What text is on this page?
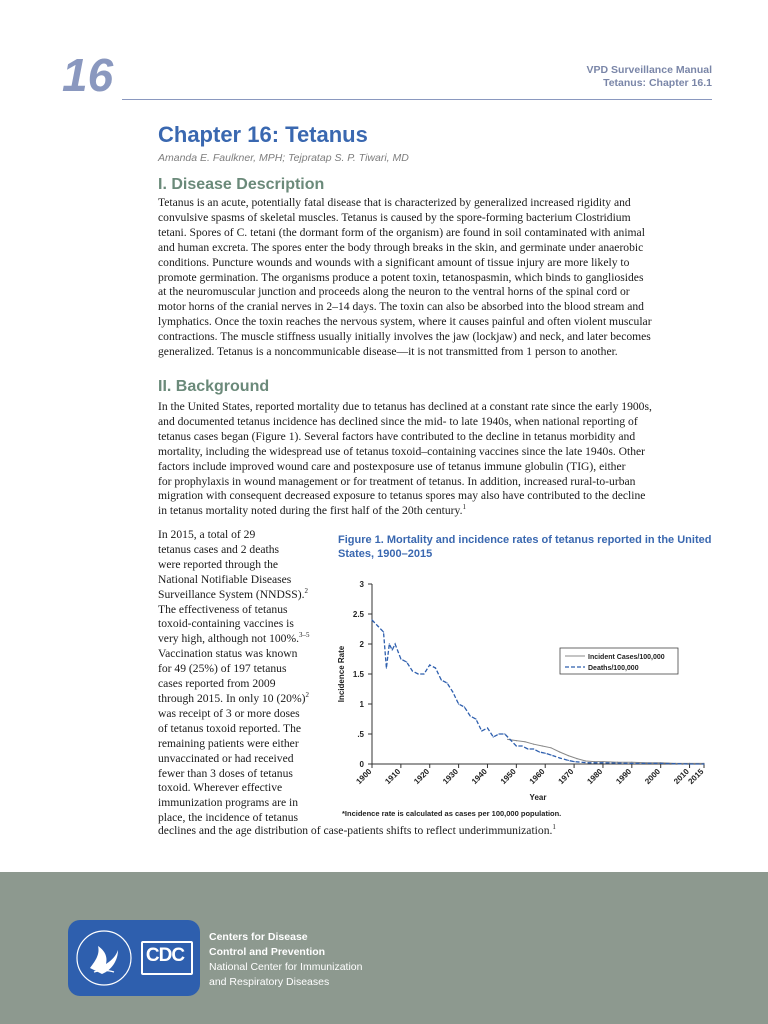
16	VPD Surveillance Manual
Tetanus: Chapter 16.1
Chapter 16: Tetanus
Amanda E. Faulkner, MPH; Tejpratap S. P. Tiwari, MD
I. Disease Description
Tetanus is an acute, potentially fatal disease that is characterized by generalized increased rigidity and
convulsive spasms of skeletal muscles. Tetanus is caused by the spore-forming bacterium Clostridium
tetani. Spores of C. tetani (the dormant form of the organism) are found in soil contaminated with animal
and human excreta. The spores enter the body through breaks in the skin, and germinate under anaerobic
conditions. Puncture wounds and wounds with a significant amount of tissue injury are more likely to
promote germination. The organisms produce a potent toxin, tetanospasmin, which binds to gangliosides
at the neuromuscular junction and proceeds along the neuron to the ventral horns of the spinal cord or
motor horns of the cranial nerves in 2–14 days. The toxin can also be absorbed into the blood stream and
lymphatics. Once the toxin reaches the nervous system, where it causes painful and often violent muscular
contractions. The muscle stiffness usually initially involves the jaw (lockjaw) and neck, and later becomes
generalized. Tetanus is a noncommunicable disease—it is not transmitted from 1 person to another.
II. Background
In the United States, reported mortality due to tetanus has declined at a constant rate since the early 1900s,
and documented tetanus incidence has declined since the mid- to late 1940s, when national reporting of
tetanus cases began (Figure 1). Several factors have contributed to the decline in tetanus morbidity and
mortality, including the widespread use of tetanus toxoid–containing vaccines since the late 1940s. Other
factors include improved wound care and postexposure use of tetanus immune globulin (TIG), either
for prophylaxis in wound management or for treatment of tetanus. In addition, increased rural-to-urban
migration with consequent decreased exposure to tetanus spores may also have contributed to the decline
in tetanus mortality noted during the first half of the 20th century.$^1$
In 2015, a total of 29
tetanus cases and 2 deaths
were reported through the
National Notifiable Diseases
Surveillance System (NNDSS).$^2$
The effectiveness of tetanus
toxoid-containing vaccines is
very high, although not 100%.$^{3-5}$
Vaccination status was known
for 49 (25%) of 197 tetanus
cases reported from 2009
through 2015. In only 10 $(20\%)^2$
was receipt of 3 or more doses
of tetanus toxoid reported. The
remaining patients were either
unvaccinated or had received
fewer than 3 doses of tetanus
toxoid. Wherever effective
immunization programs are in
place, the incidence of tetanus
Figure 1. Mortality and incidence rates of tetanus reported in the United States, 1900–2015
0
.5
1
1.5
2
2.5
3
1900 1910 1920 1930 1940 1950 1960 1970 1980 1990 2000 2010
2015
Incidence Rate
Year
Incident Cases/100,000
Deaths/100,000
*Incidence rate is calculated as cases per 100,000 population.
declines and the age distribution of case-patients shifts to reflect underimmunization.$^1$
CDC
Centers for Disease
Control and Prevention
National Center for Immunization
and Respiratory Diseases
